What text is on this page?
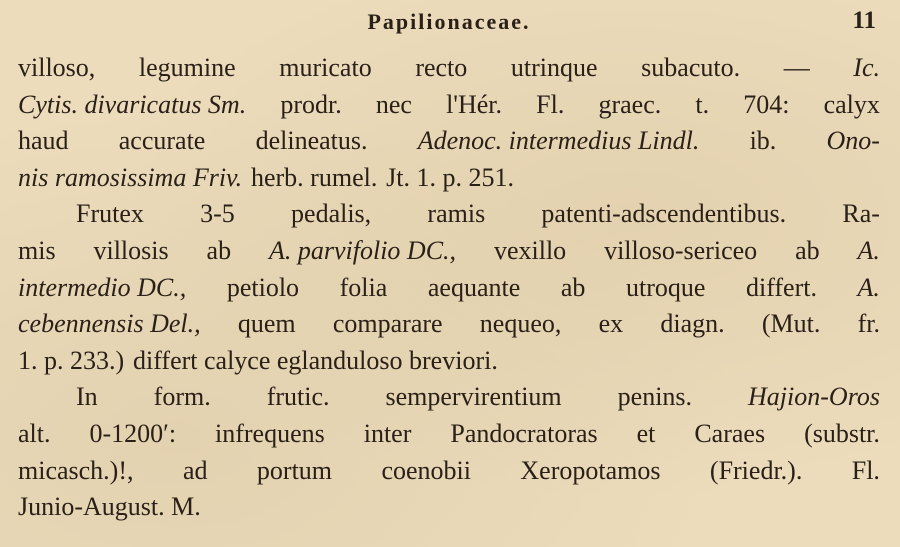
Papilionaceae.	11
villoso, legumine muricato recto utrinque subacuto. — Ic.
Cytis. divaricatus Sm. prodr. nec l'Hér. Fl. graec. t. 704: calyx
haud accurate delineatus. Adenoc. intermedius Lindl. ib. Ono-
nis ramosissima Friv. herb. rumel. Jt. 1. p. 251.
Frutex 3-5 pedalis, ramis patenti-adscendentibus. Ra-
mis villosis ab A. parvifolio DC., vexillo villoso-sericeo ab A.
intermedio DC., petiolo folia aequante ab utroque differt. A.
cebennensis Del., quem comparare nequeo, ex diagn. (Mut. fr.
1. p. 233.) differt calyce eglanduloso breviori.
In form. frutic. sempervirentium penins. Hajion-Oros
alt. 0-1200′: infrequens inter Pandocratoras et Caraes (substr.
micasch.)!, ad portum coenobii Xeropotamos (Friedr.). Fl.
Junio-August. M.
